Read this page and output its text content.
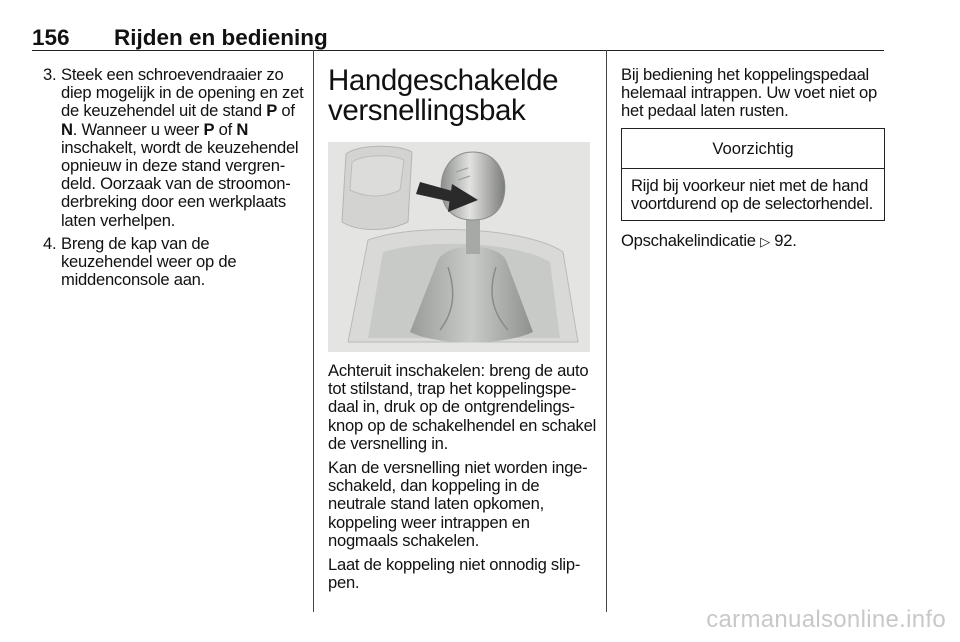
156 Rijden en bediening
3. Steek een schroevendraaier zo diep mogelijk in de opening en zet de keuzehendel uit de stand P of N. Wanneer u weer P of N inschakelt, wordt de keuzehendel opnieuw in deze stand vergrendeld. Oorzaak van de stroomonderbreking door een werkplaats laten verhelpen.
4. Breng de kap van de keuzehendel weer op de middenconsole aan.
Handgeschakelde
versnellingsbak

Achteruit inschakelen: breng de auto tot stilstand, trap het koppelingspedaal in, druk op de ontgrendelingsknop op de schakelhendel en schakel de versnelling in.

Kan de versnelling niet worden ingeschakeld, dan koppeling in de neutrale stand laten opkomen, koppeling weer intrappen en nogmaals schakelen.

Laat de koppeling niet onnodig slippen.

Bij bediening het koppelingspedaal helemaal intrappen. Uw voet niet op het pedaal laten rusten.

Voorzichtig
Rijd bij voorkeur niet met de hand voortdurend op de selectorhendel.
Opschakelindicatie ▷ 92.
carmanualsonline.info
